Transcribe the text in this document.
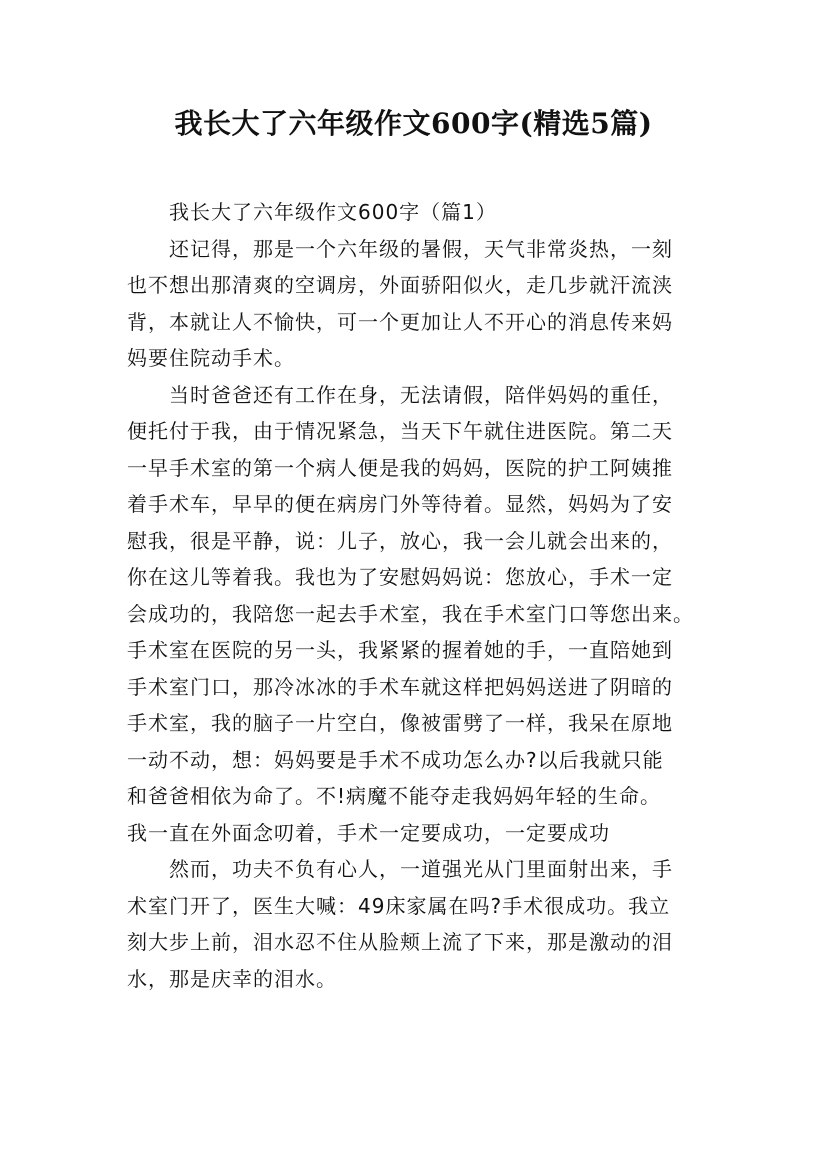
我长大了六年级作文600字(精选5篇)
我长大了六年级作文600字（篇1）
还记得，那是一个六年级的暑假，天气非常炎热，一刻
也不想出那清爽的空调房，外面骄阳似火，走几步就汗流浃
背，本就让人不愉快，可一个更加让人不开心的消息传来妈
妈要住院动手术。
当时爸爸还有工作在身，无法请假，陪伴妈妈的重任，
便托付于我，由于情况紧急，当天下午就住进医院。第二天
一早手术室的第一个病人便是我的妈妈，医院的护工阿姨推
着手术车，早早的便在病房门外等待着。显然，妈妈为了安
慰我，很是平静，说：儿子，放心，我一会儿就会出来的，
你在这儿等着我。我也为了安慰妈妈说：您放心，手术一定
会成功的，我陪您一起去手术室，我在手术室门口等您出来。
手术室在医院的另一头，我紧紧的握着她的手，一直陪她到
手术室门口，那冷冰冰的手术车就这样把妈妈送进了阴暗的
手术室，我的脑子一片空白，像被雷劈了一样，我呆在原地
一动不动，想：妈妈要是手术不成功怎么办?以后我就只能
和爸爸相依为命了。不!病魔不能夺走我妈妈年轻的生命。
我一直在外面念叨着，手术一定要成功，一定要成功
然而，功夫不负有心人，一道强光从门里面射出来，手
术室门开了，医生大喊：49床家属在吗?手术很成功。我立
刻大步上前，泪水忍不住从脸颊上流了下来，那是激动的泪
水，那是庆幸的泪水。
